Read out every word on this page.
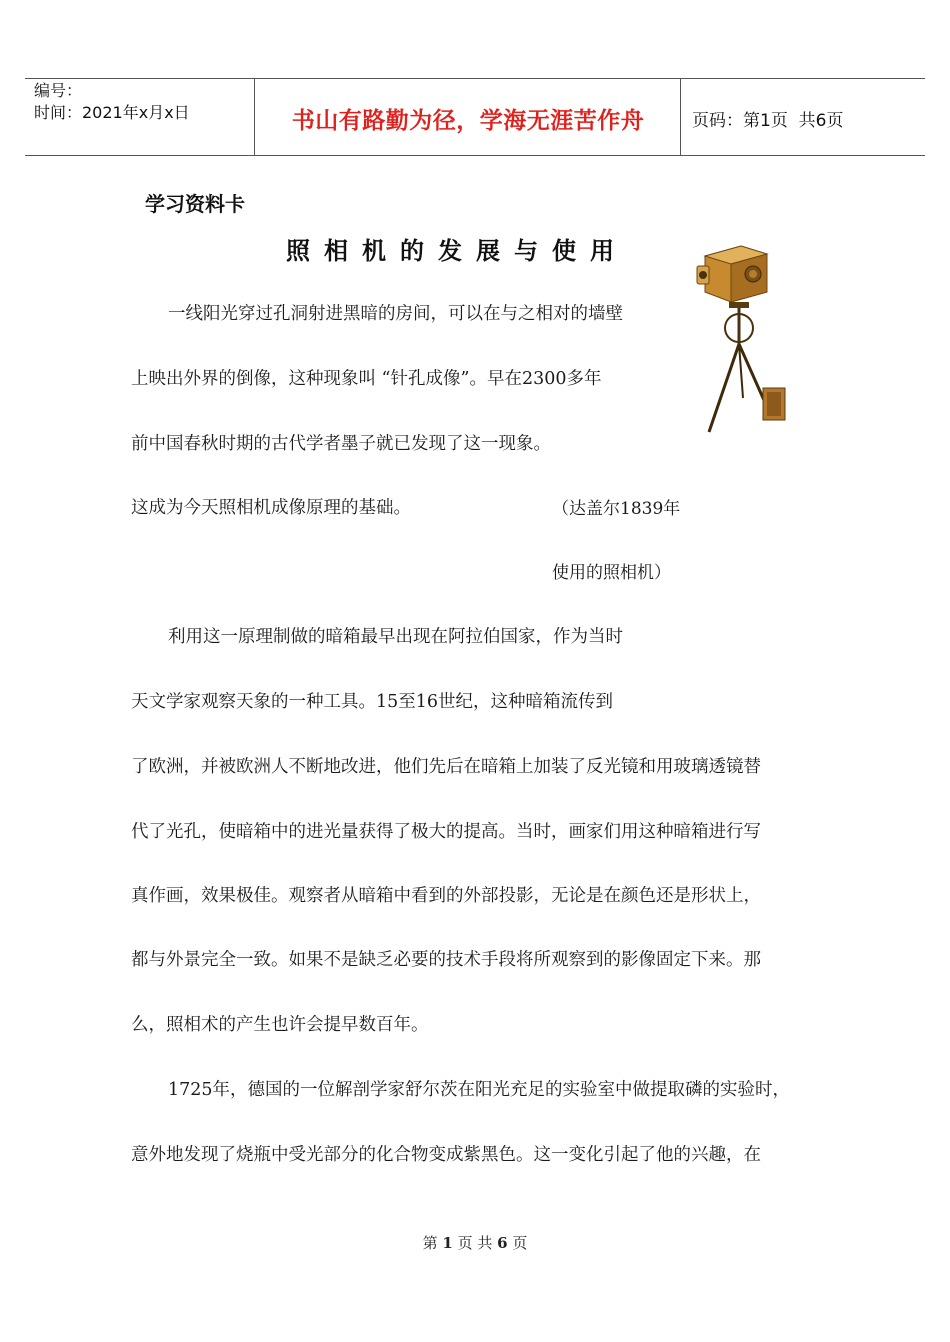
编号：
时间：2021年x月x日	书山有路勤为径，学海无涯苦作舟	页码：第1页  共6页
学习资料卡
照相机的发展与使用
一线阳光穿过孔洞射进黑暗的房间，可以在与之相对的墙壁
上映出外界的倒像，这种现象叫 “针孔成像”。早在2300多年
前中国春秋时期的古代学者墨子就已发现了这一现象。
这成为今天照相机成像原理的基础。	（达盖尔1839年
使用的照相机）
利用这一原理制做的暗箱最早出现在阿拉伯国家，作为当时
天文学家观察天象的一种工具。15至16世纪，这种暗箱流传到
了欧洲，并被欧洲人不断地改进，他们先后在暗箱上加装了反光镜和用玻璃透镜替
代了光孔，使暗箱中的进光量获得了极大的提高。当时，画家们用这种暗箱进行写
真作画，效果极佳。观察者从暗箱中看到的外部投影，无论是在颜色还是形状上，
都与外景完全一致。如果不是缺乏必要的技术手段将所观察到的影像固定下来。那
么，照相术的产生也许会提早数百年。
1725年，德国的一位解剖学家舒尔茨在阳光充足的实验室中做提取磷的实验时，
意外地发现了烧瓶中受光部分的化合物变成紫黑色。这一变化引起了他的兴趣，在
第 1 页 共 6 页
